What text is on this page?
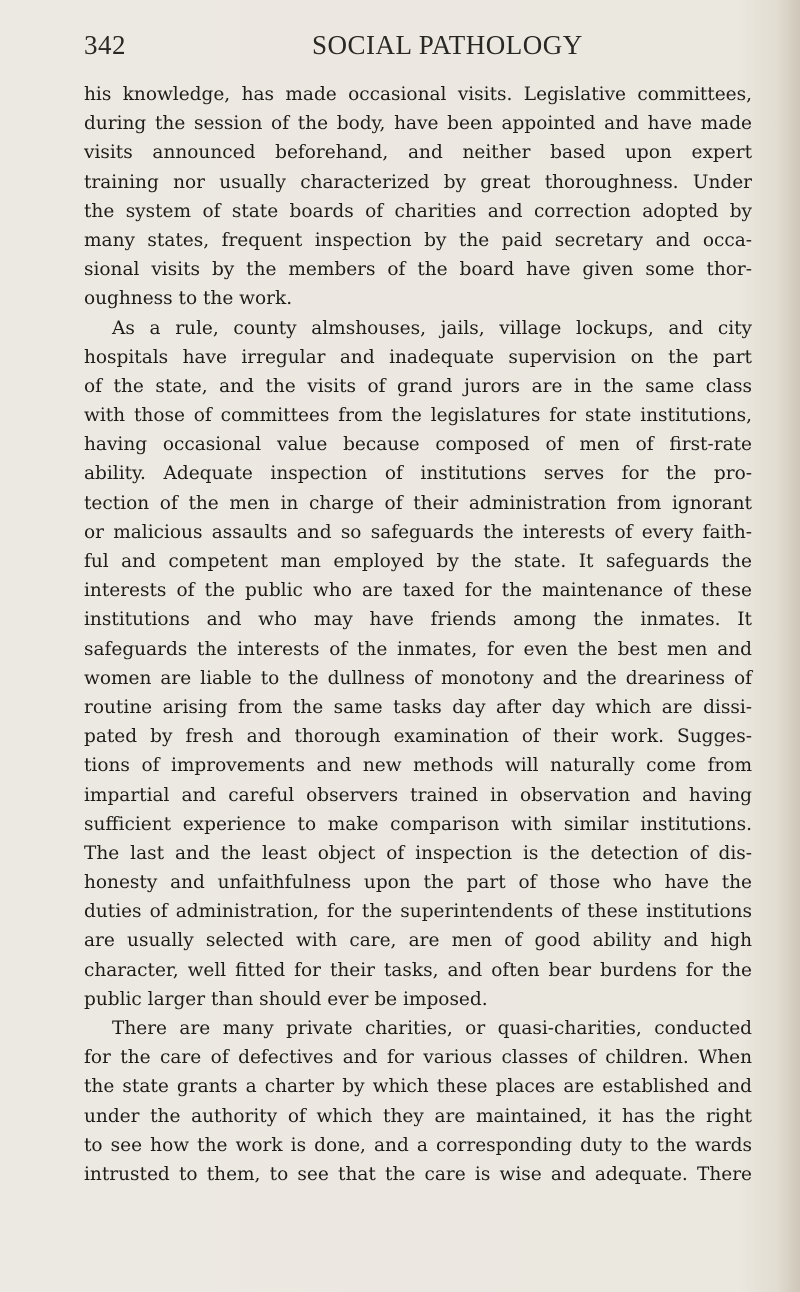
342	SOCIAL PATHOLOGY
his knowledge, has made occasional visits. Legislative committees,
during the session of the body, have been appointed and have made
visits announced beforehand, and neither based upon expert
training nor usually characterized by great thoroughness. Under
the system of state boards of charities and correction adopted by
many states, frequent inspection by the paid secretary and occa-
sional visits by the members of the board have given some thor-
oughness to the work.
As a rule, county almshouses, jails, village lockups, and city
hospitals have irregular and inadequate supervision on the part
of the state, and the visits of grand jurors are in the same class
with those of committees from the legislatures for state institutions,
having occasional value because composed of men of first-rate
ability. Adequate inspection of institutions serves for the pro-
tection of the men in charge of their administration from ignorant
or malicious assaults and so safeguards the interests of every faith-
ful and competent man employed by the state. It safeguards the
interests of the public who are taxed for the maintenance of these
institutions and who may have friends among the inmates. It
safeguards the interests of the inmates, for even the best men and
women are liable to the dullness of monotony and the dreariness of
routine arising from the same tasks day after day which are dissi-
pated by fresh and thorough examination of their work. Sugges-
tions of improvements and new methods will naturally come from
impartial and careful observers trained in observation and having
sufficient experience to make comparison with similar institutions.
The last and the least object of inspection is the detection of dis-
honesty and unfaithfulness upon the part of those who have the
duties of administration, for the superintendents of these institutions
are usually selected with care, are men of good ability and high
character, well fitted for their tasks, and often bear burdens for the
public larger than should ever be imposed.
There are many private charities, or quasi-charities, conducted
for the care of defectives and for various classes of children. When
the state grants a charter by which these places are established and
under the authority of which they are maintained, it has the right
to see how the work is done, and a corresponding duty to the wards
intrusted to them, to see that the care is wise and adequate. There
